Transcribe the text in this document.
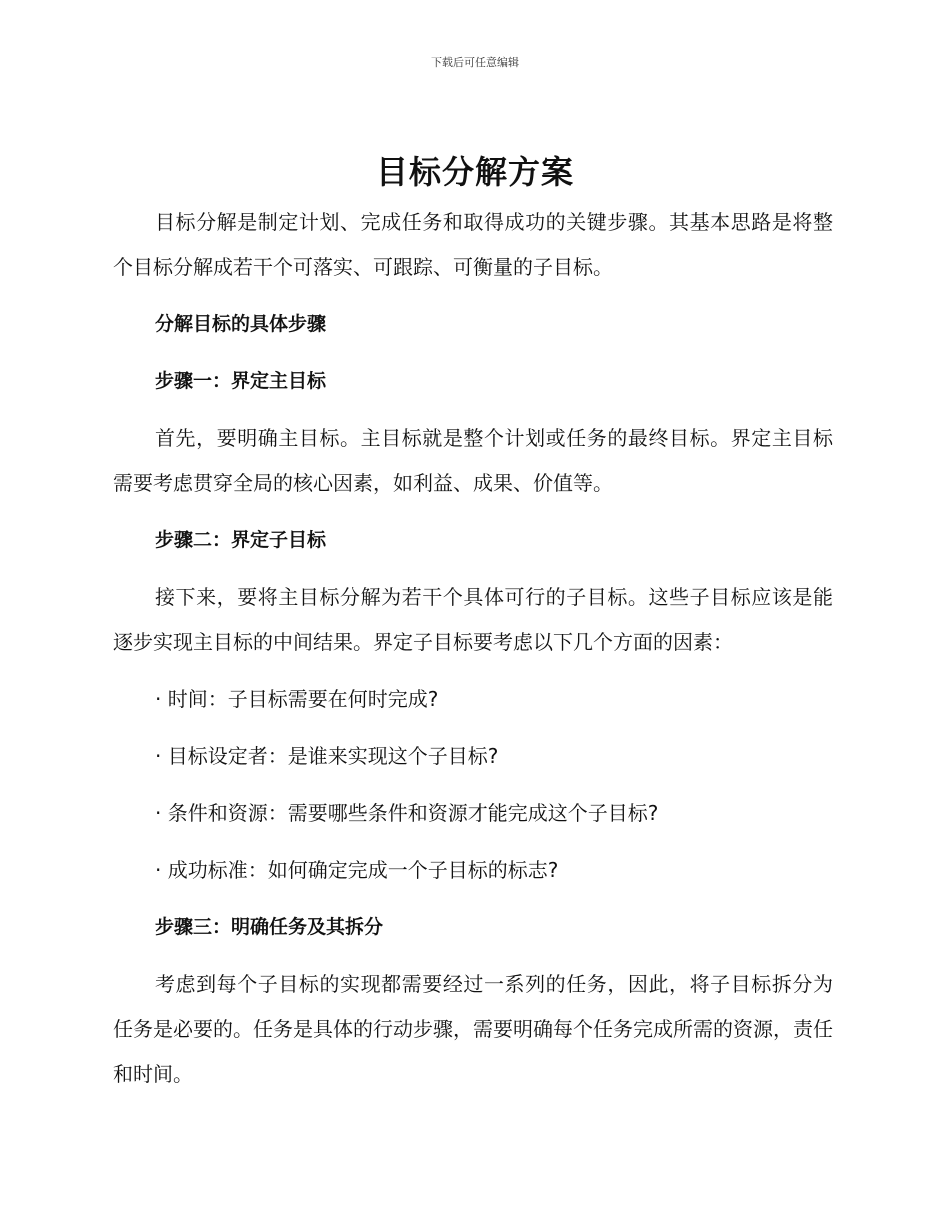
下载后可任意编辑
目标分解方案

目标分解是制定计划、完成任务和取得成功的关键步骤。其基本思路是将整个目标分解成若干个可落实、可跟踪、可衡量的子目标。

分解目标的具体步骤
步骤一：界定主目标

首先，要明确主目标。主目标就是整个计划或任务的最终目标。界定主目标需要考虑贯穿全局的核心因素，如利益、成果、价值等。

步骤二：界定子目标

接下来，要将主目标分解为若干个具体可行的子目标。这些子目标应该是能逐步实现主目标的中间结果。界定子目标要考虑以下几个方面的因素：

· 时间：子目标需要在何时完成?
· 目标设定者：是谁来实现这个子目标?
· 条件和资源：需要哪些条件和资源才能完成这个子目标?
· 成功标准：如何确定完成一个子目标的标志?
步骤三：明确任务及其拆分

考虑到每个子目标的实现都需要经过一系列的任务，因此，将子目标拆分为任务是必要的。任务是具体的行动步骤，需要明确每个任务完成所需的资源，责任和时间。
